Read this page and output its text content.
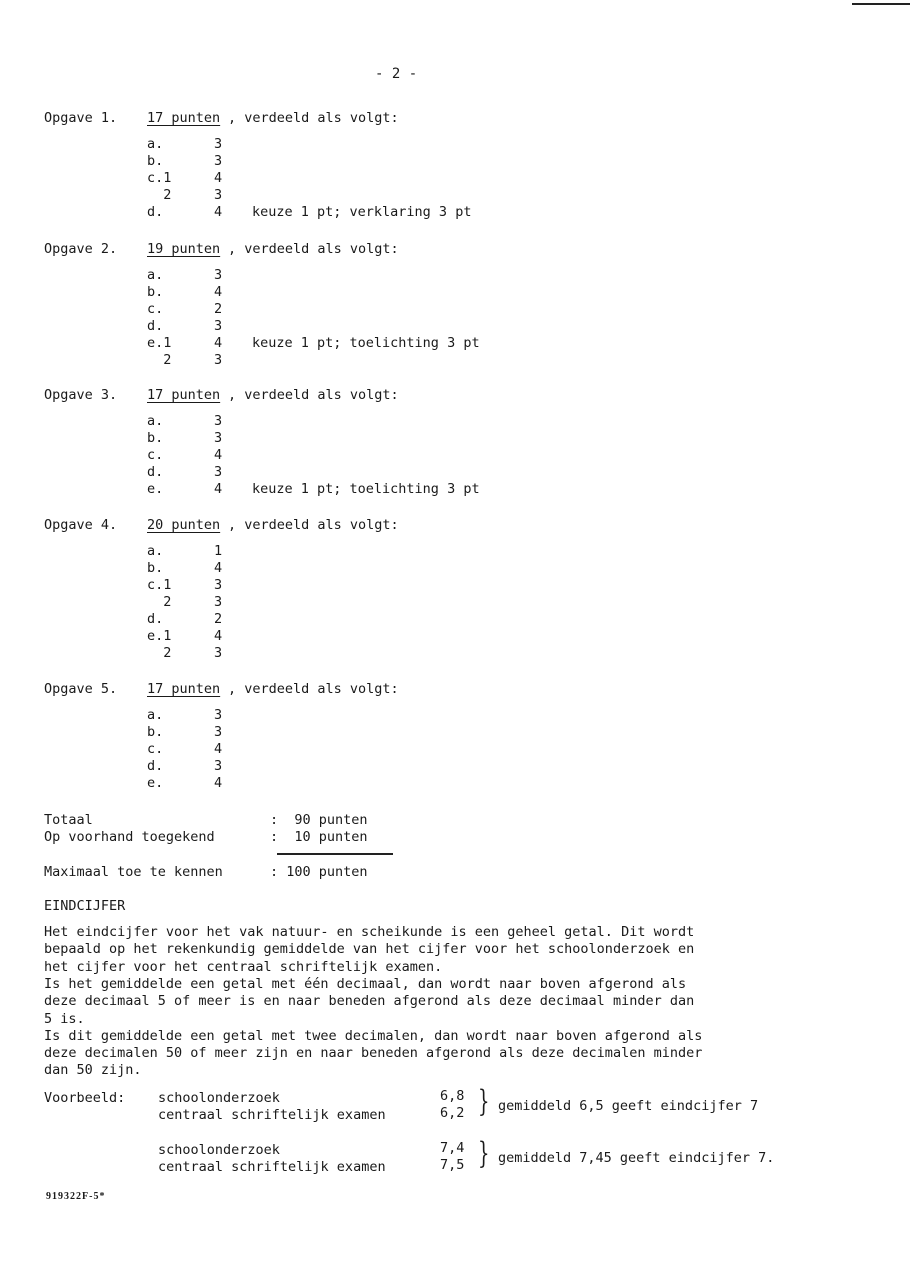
- 2 -
Opgave 1. 17 punten , verdeeld als volgt:
a.	3
b.	3
c.1	4
2	3
d.	4 keuze 1 pt; verklaring 3 pt
Opgave 2. 19 punten , verdeeld als volgt:
a.	3
b.	4
c.	2
d.	3
e.1	4 keuze 1 pt; toelichting 3 pt
2	3
Opgave 3. 17 punten , verdeeld als volgt:
a.	3
b.	3
c.	4
d.	3
e.	4 keuze 1 pt; toelichting 3 pt
Opgave 4. 20 punten , verdeeld als volgt:
a.	1
b.	4
c.1	3
2	3
d.	2
e.1	4
2	3
Opgave 5. 17 punten , verdeeld als volgt:
a.	3
b.	3
c.	4
d.	3
e.	4
Totaal	:  90 punten
Op voorhand toegekend	:  10 punten
Maximaal toe te kennen	: 100 punten
EINDCIJFER
Het eindcijfer voor het vak natuur- en scheikunde is een geheel getal. Dit wordt
bepaald op het rekenkundig gemiddelde van het cijfer voor het schoolonderzoek en
het cijfer voor het centraal schriftelijk examen.
Is het gemiddelde een getal met één decimaal, dan wordt naar boven afgerond als
deze decimaal 5 of meer is en naar beneden afgerond als deze decimaal minder dan
5 is.
Is dit gemiddelde een getal met twee decimalen, dan wordt naar boven afgerond als
deze decimalen 50 of meer zijn en naar beneden afgerond als deze decimalen minder
dan 50 zijn.
Voorbeeld: schoolonderzoek	6,8
centraal schriftelijk examen	6,2 } gemiddeld 6,5 geeft eindcijfer 7
schoolonderzoek	7,4
centraal schriftelijk examen	7,5 } gemiddeld 7,45 geeft eindcijfer 7.
919322F-5*
